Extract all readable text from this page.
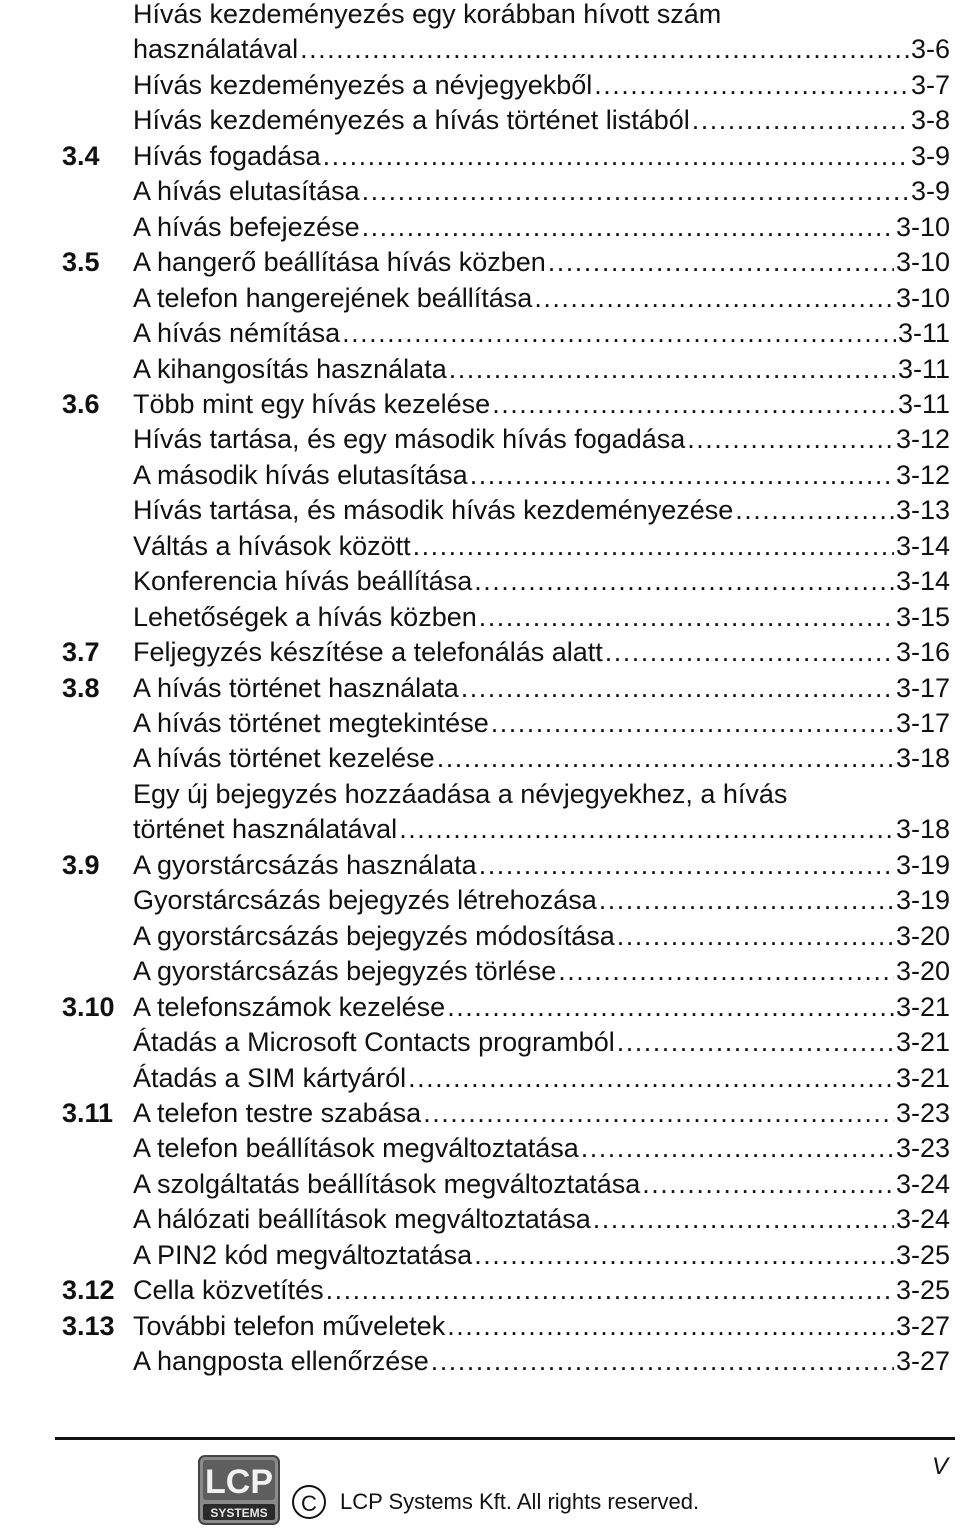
Hívás kezdeményezés egy korábban hívott szám
használatával . . .	3-6
Hívás kezdeményezés a névjegyekből . . .	3-7
Hívás kezdeményezés a hívás történet listából . . .	3-8
3.4 Hívás fogadása . . .	3-9
A hívás elutasítása . . .	3-9
A hívás befejezése . . .	3-10
3.5 A hangerő beállítása hívás közben . . .	3-10
A telefon hangerejének beállítása . . .	3-10
A hívás némítása . . .	3-11
A kihangosítás használata . . .	3-11
3.6 Több mint egy hívás kezelése . . .	3-11
Hívás tartása, és egy második hívás fogadása . . .	3-12
A második hívás elutasítása . . .	3-12
Hívás tartása, és második hívás kezdeményezése . . .	3-13
Váltás a hívások között . . .	3-14
Konferencia hívás beállítása . . .	3-14
Lehetőségek a hívás közben . . .	3-15
3.7 Feljegyzés készítése a telefonálás alatt . . .	3-16
3.8 A hívás történet használata . . .	3-17
A hívás történet megtekintése . . .	3-17
A hívás történet kezelése . . .	3-18
Egy új bejegyzés hozzáadása a névjegyekhez, a hívás
történet használatával . . .	3-18
3.9 A gyorstárcsázás használata . . .	3-19
Gyorstárcsázás bejegyzés létrehozása . . .	3-19
A gyorstárcsázás bejegyzés módosítása . . .	3-20
A gyorstárcsázás bejegyzés törlése . . .	3-20
3.10 A telefonszámok kezelése . . .	3-21
Átadás a Microsoft Contacts programból . . .	3-21
Átadás a SIM kártyáról . . .	3-21
3.11 A telefon testre szabása . . .	3-23
A telefon beállítások megváltoztatása . . .	3-23
A szolgáltatás beállítások megváltoztatása . . .	3-24
A hálózati beállítások megváltoztatása . . .	3-24
A PIN2 kód megváltoztatása . . .	3-25
3.12 Cella közvetítés . . .	3-25
3.13 További telefon műveletek . . .	3-27
A hangposta ellenőrzése . . .	3-27
LCP
SYSTEMS	C	LCP Systems Kft. All rights reserved.
V
